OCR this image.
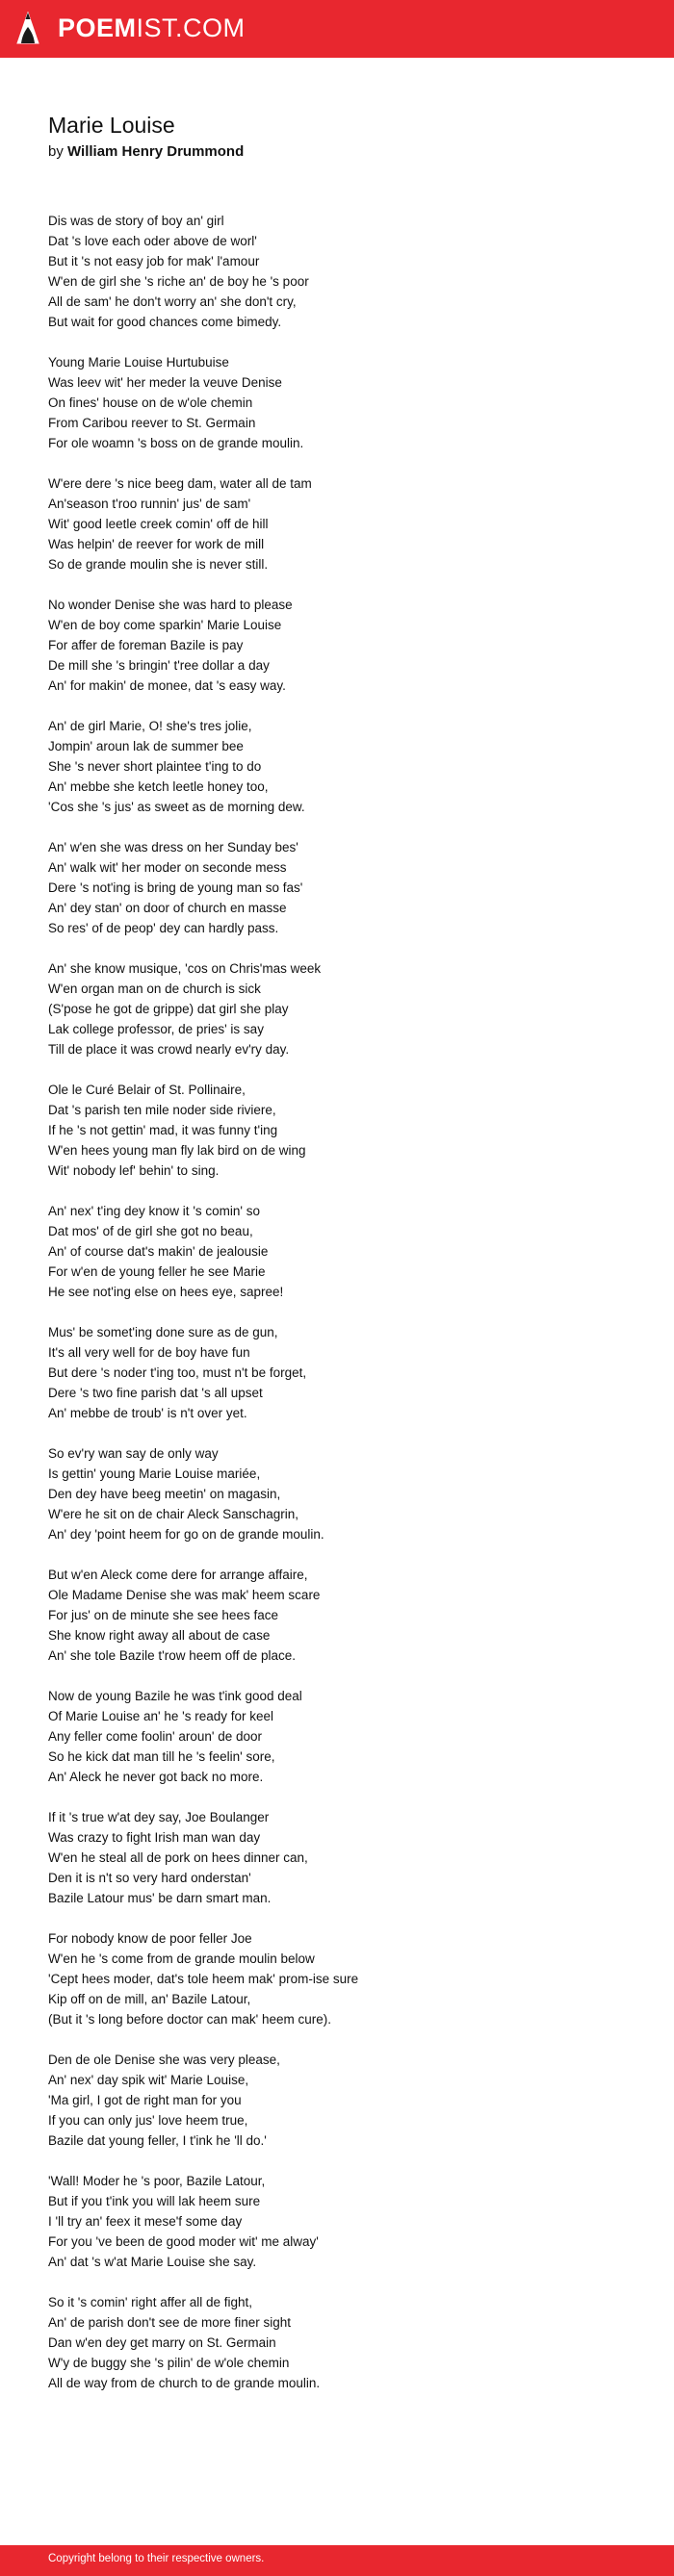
POEMIST.COM
Marie Louise
by William Henry Drummond
Dis was de story of boy an' girl
Dat 's love each oder above de worl'
But it 's not easy job for mak' l'amour
W'en de girl she 's riche an' de boy he 's poor
All de sam' he don't worry an' she don't cry,
But wait for good chances come bimedy.
Young Marie Louise Hurtubuise
Was leev wit' her meder la veuve Denise
On fines' house on de w'ole chemin
From Caribou reever to St. Germain
For ole woamn 's boss on de grande moulin.
W'ere dere 's nice beeg dam, water all de tam
An'season t'roo runnin' jus' de sam'
Wit' good leetle creek comin' off de hill
Was helpin' de reever for work de mill
So de grande moulin she is never still.
No wonder Denise she was hard to please
W'en de boy come sparkin' Marie Louise
For affer de foreman Bazile is pay
De mill she 's bringin' t'ree dollar a day
An' for makin' de monee, dat 's easy way.
An' de girl Marie, O! she's tres jolie,
Jompin' aroun lak de summer bee
She 's never short plaintee t'ing to do
An' mebbe she ketch leetle honey too,
'Cos she 's jus' as sweet as de morning dew.
An' w'en she was dress on her Sunday bes'
An' walk wit' her moder on seconde mess
Dere 's not'ing is bring de young man so fas'
An' dey stan' on door of church en masse
So res' of de peop' dey can hardly pass.
An' she know musique, 'cos on Chris'mas week
W'en organ man on de church is sick
(S'pose he got de grippe) dat girl she play
Lak college professor, de pries' is say
Till de place it was crowd nearly ev'ry day.
Ole le Curé Belair of St. Pollinaire,
Dat 's parish ten mile noder side riviere,
If he 's not gettin' mad, it was funny t'ing
W'en hees young man fly lak bird on de wing
Wit' nobody lef' behin' to sing.
An' nex' t'ing dey know it 's comin' so
Dat mos' of de girl she got no beau,
An' of course dat's makin' de jealousie
For w'en de young feller he see Marie
He see not'ing else on hees eye, sapree!
Mus' be somet'ing done sure as de gun,
It's all very well for de boy have fun
But dere 's noder t'ing too, must n't be forget,
Dere 's two fine parish dat 's all upset
An' mebbe de troub' is n't over yet.
So ev'ry wan say de only way
Is gettin' young Marie Louise mariée,
Den dey have beeg meetin' on magasin,
W'ere he sit on de chair Aleck Sanschagrin,
An' dey 'point heem for go on de grande moulin.
But w'en Aleck come dere for arrange affaire,
Ole Madame Denise she was mak' heem scare
For jus' on de minute she see hees face
She know right away all about de case
An' she tole Bazile t'row heem off de place.
Now de young Bazile he was t'ink good deal
Of Marie Louise an' he 's ready for keel
Any feller come foolin' aroun' de door
So he kick dat man till he 's feelin' sore,
An' Aleck he never got back no more.
If it 's true w'at dey say, Joe Boulanger
Was crazy to fight Irish man wan day
W'en he steal all de pork on hees dinner can,
Den it is n't so very hard onderstan'
Bazile Latour mus' be darn smart man.
For nobody know de poor feller Joe
W'en he 's come from de grande moulin below
'Cept hees moder, dat's tole heem mak' prom-ise sure
Kip off on de mill, an' Bazile Latour,
(But it 's long before doctor can mak' heem cure).
Den de ole Denise she was very please,
An' nex' day spik wit' Marie Louise,
'Ma girl, I got de right man for you
If you can only jus' love heem true,
Bazile dat young feller, I t'ink he 'll do.'
'Wall! Moder he 's poor, Bazile Latour,
But if you t'ink you will lak heem sure
I 'll try an' feex it mese'f some day
For you 've been de good moder wit' me alway'
An' dat 's w'at Marie Louise she say.
So it 's comin' right affer all de fight,
An' de parish don't see de more finer sight
Dan w'en dey get marry on St. Germain
W'y de buggy she 's pilin' de w'ole chemin
All de way from de church to de grande moulin.
Copyright belong to their respective owners.
